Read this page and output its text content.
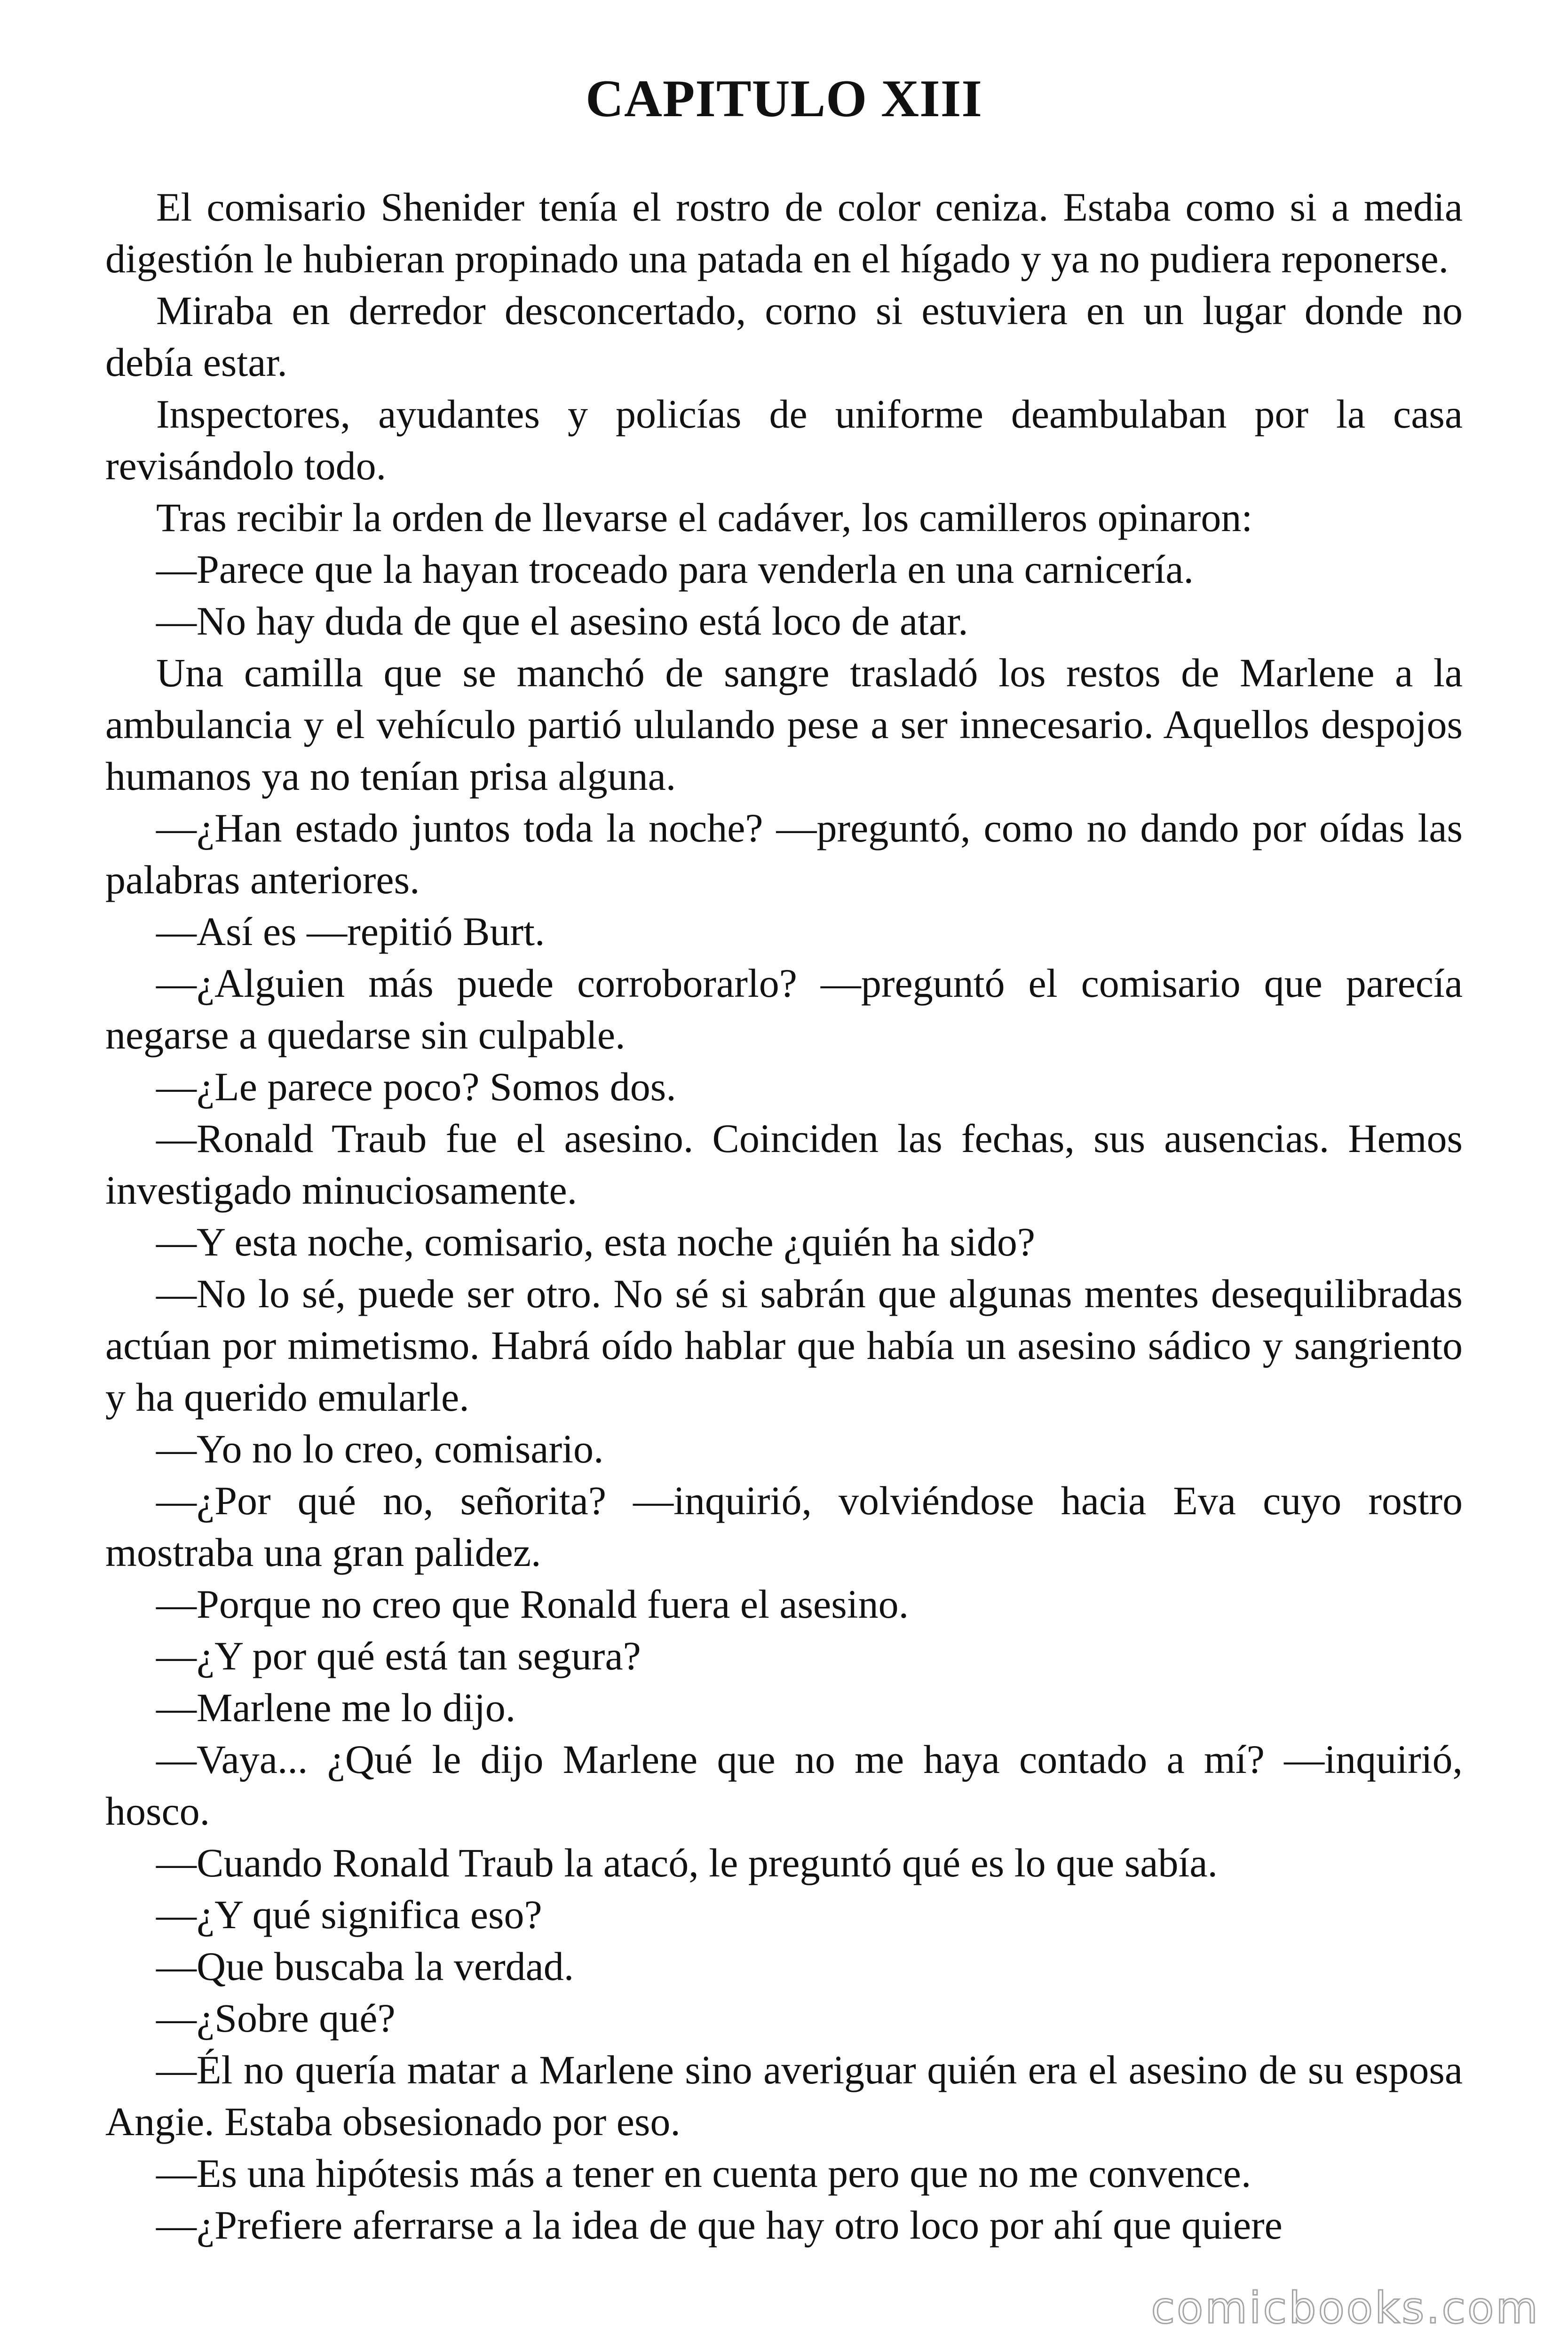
CAPITULO XIII

El comisario Shenider tenía el rostro de color ceniza. Estaba como si a media digestión le hubieran propinado una patada en el hígado y ya no pudiera reponerse.

Miraba en derredor desconcertado, corno si estuviera en un lugar donde no debía estar.

Inspectores, ayudantes y policías de uniforme deambulaban por la casa revisándolo todo.

Tras recibir la orden de llevarse el cadáver, los camilleros opinaron:

—Parece que la hayan troceado para venderla en una carnicería.

—No hay duda de que el asesino está loco de atar.

Una camilla que se manchó de sangre trasladó los restos de Marlene a la ambulancia y el vehículo partió ululando pese a ser innecesario. Aquellos despojos humanos ya no tenían prisa alguna.

—¿Han estado juntos toda la noche? —preguntó, como no dando por oídas las palabras anteriores.

—Así es —repitió Burt.

—¿Alguien más puede corroborarlo? —preguntó el comisario que parecía negarse a quedarse sin culpable.

—¿Le parece poco? Somos dos.

—Ronald Traub fue el asesino. Coinciden las fechas, sus ausencias. Hemos investigado minuciosamente.

—Y esta noche, comisario, esta noche ¿quién ha sido?

—No lo sé, puede ser otro. No sé si sabrán que algunas mentes desequilibradas actúan por mimetismo. Habrá oído hablar que había un asesino sádico y sangriento y ha querido emularle.

—Yo no lo creo, comisario.

—¿Por qué no, señorita? —inquirió, volviéndose hacia Eva cuyo rostro mostraba una gran palidez.

—Porque no creo que Ronald fuera el asesino.

—¿Y por qué está tan segura?

—Marlene me lo dijo.

—Vaya... ¿Qué le dijo Marlene que no me haya contado a mí? —inquirió, hosco.

—Cuando Ronald Traub la atacó, le preguntó qué es lo que sabía.

—¿Y qué significa eso?

—Que buscaba la verdad.

—¿Sobre qué?

—Él no quería matar a Marlene sino averiguar quién era el asesino de su esposa Angie. Estaba obsesionado por eso.

—Es una hipótesis más a tener en cuenta pero que no me convence.

—¿Prefiere aferrarse a la idea de que hay otro loco por ahí que quiere

comicbooks.com
